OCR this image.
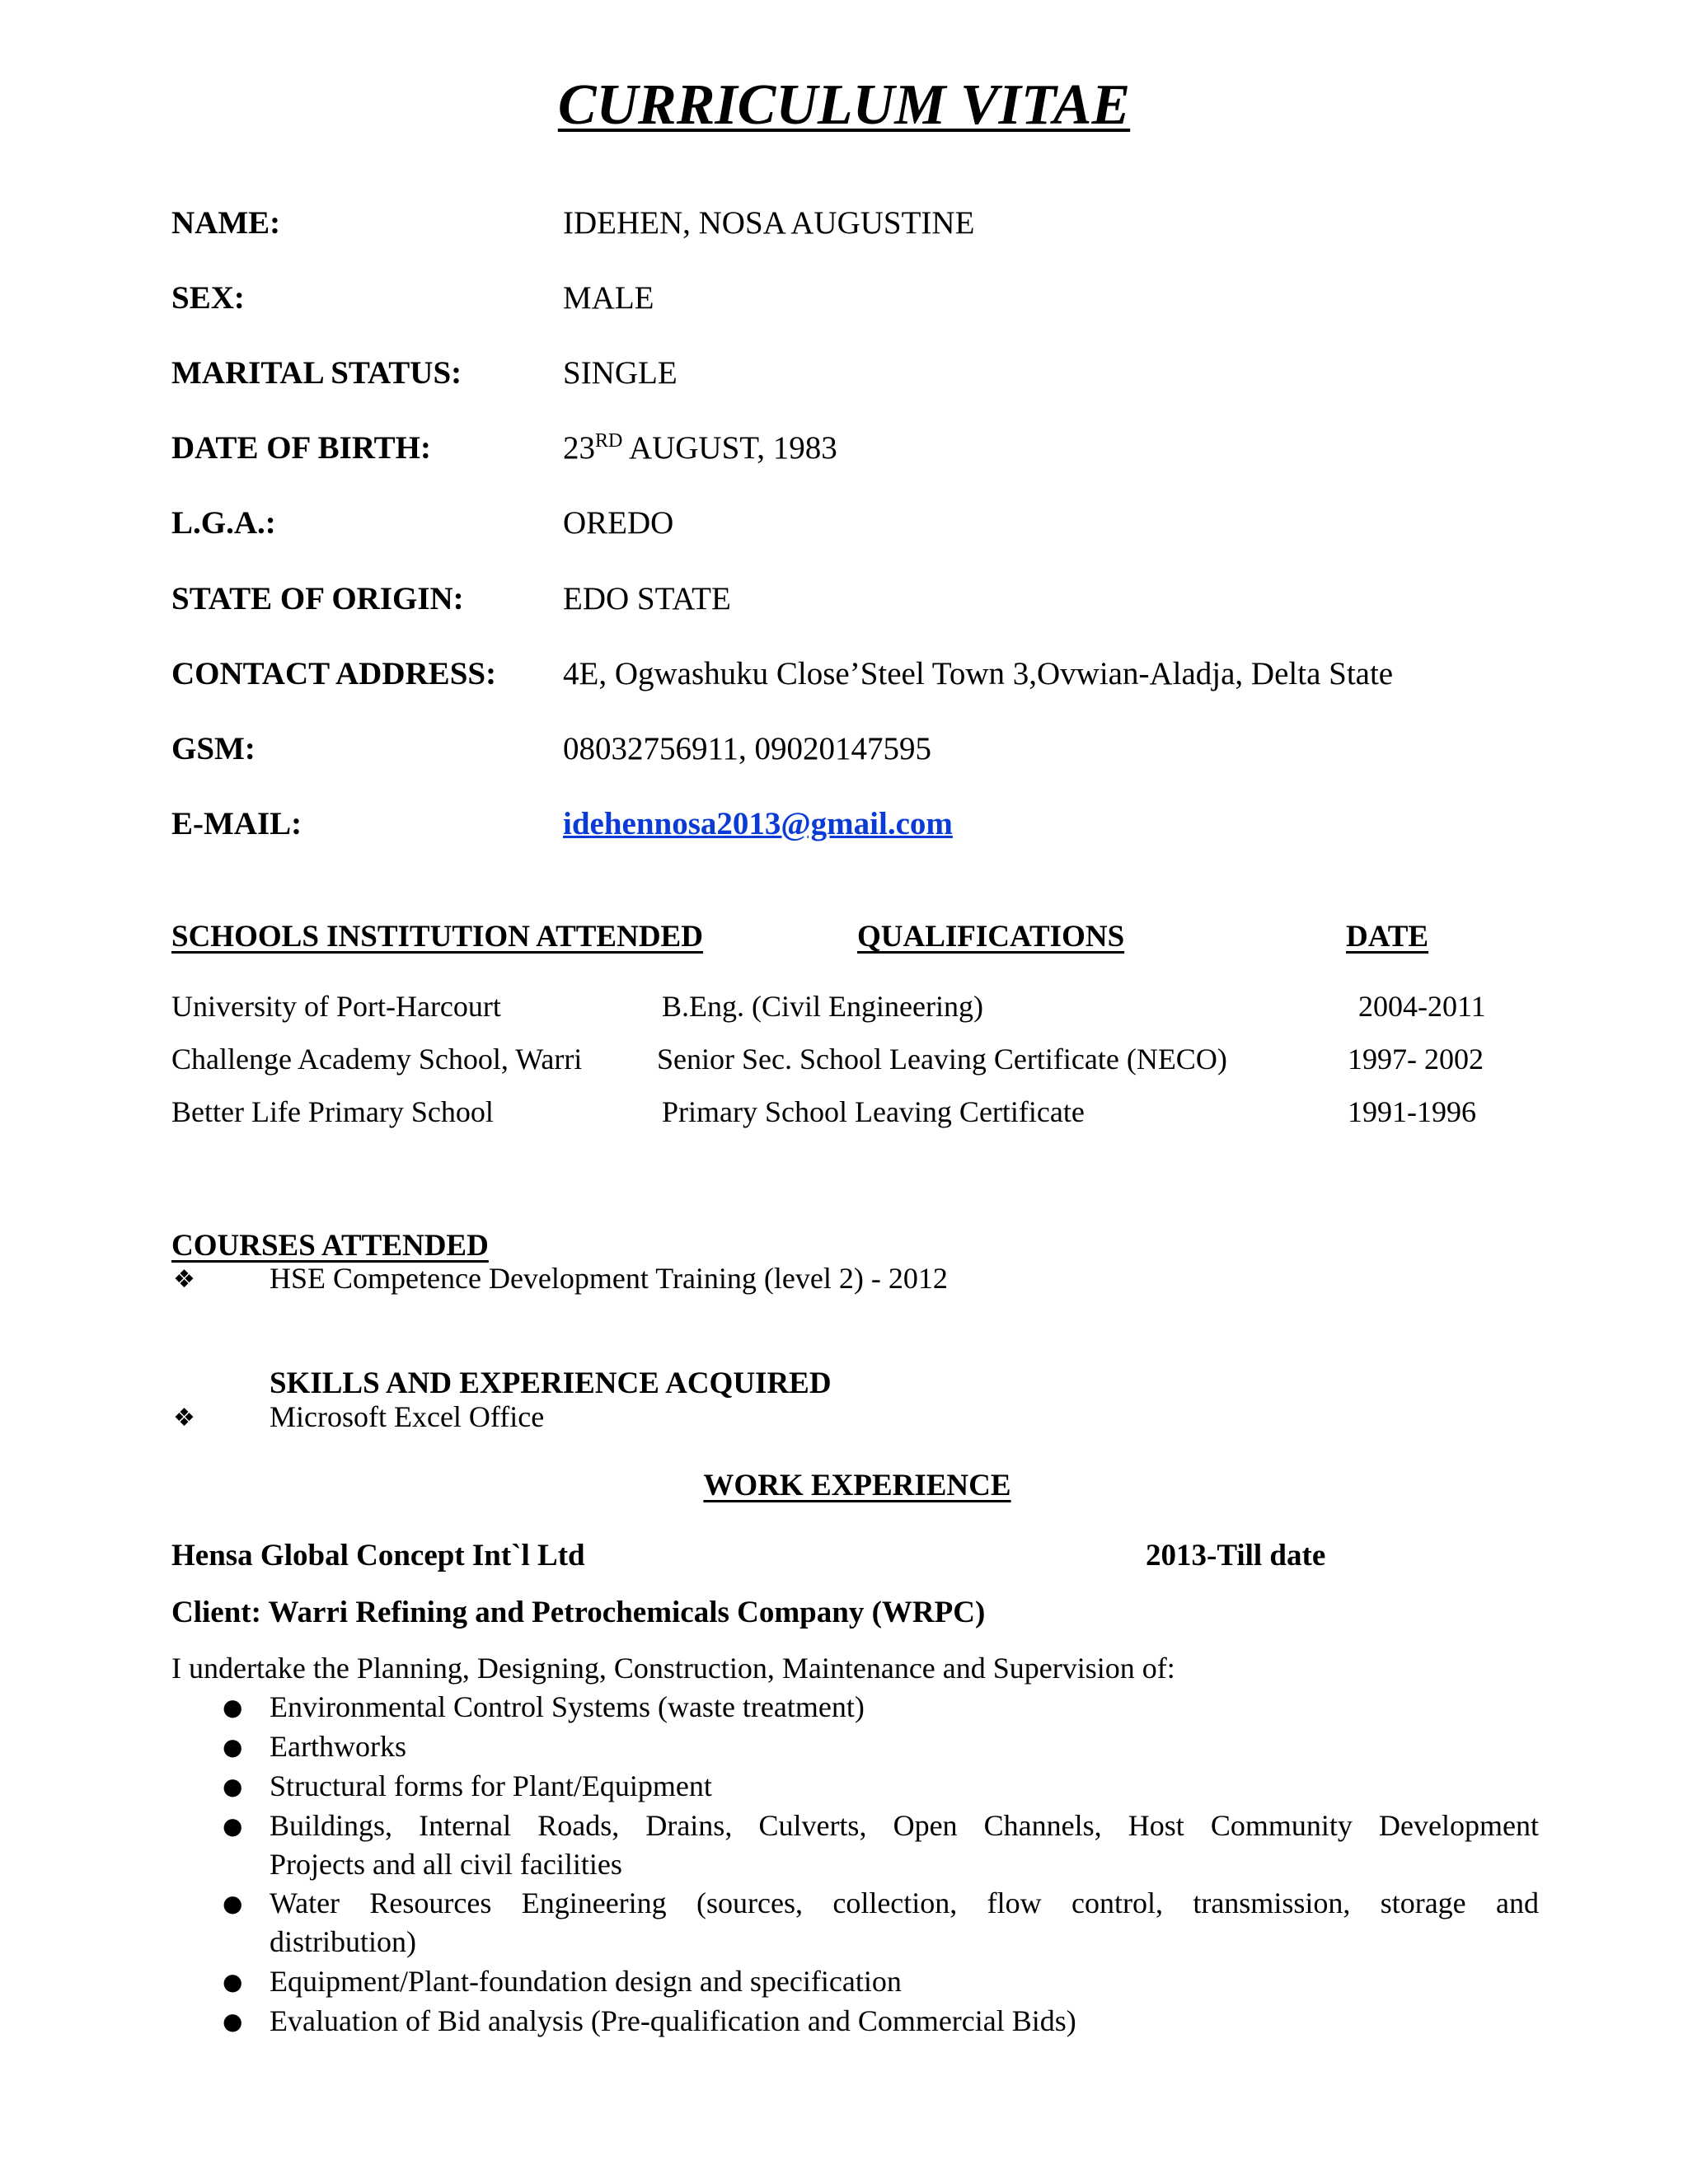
CURRICULUM VITAE
NAME:	IDEHEN, NOSA AUGUSTINE
SEX:	MALE
MARITAL STATUS:	SINGLE
DATE OF BIRTH:	23RD AUGUST, 1983
L.G.A.:	OREDO
STATE OF ORIGIN:	EDO STATE
CONTACT ADDRESS: 4E, Ogwashuku Close’Steel Town 3,Ovwian-Aladja, Delta State
GSM:	08032756911, 09020147595
E-MAIL:	idehennosa2013@gmail.com
SCHOOLS INSTITUTION ATTENDED	QUALIFICATIONS	DATE
University of Port-Harcourt	B.Eng. (Civil Engineering)	2004-2011
Challenge Academy School, Warri	Senior Sec. School Leaving Certificate (NECO)	1997- 2002
Better Life Primary School	Primary School Leaving Certificate	1991-1996
COURSES ATTENDED
❖	HSE Competence Development Training (level 2) - 2012
SKILLS AND EXPERIENCE ACQUIRED
❖	Microsoft Excel Office
WORK EXPERIENCE
Hensa Global Concept Int`l Ltd	2013-Till date
Client: Warri Refining and Petrochemicals Company (WRPC)
I undertake the Planning, Designing, Construction, Maintenance and Supervision of:
● Environmental Control Systems (waste treatment)
● Earthworks
● Structural forms for Plant/Equipment
● Buildings, Internal Roads, Drains, Culverts, Open Channels, Host Community Development
Projects and all civil facilities
● Water Resources Engineering (sources, collection, flow control, transmission, storage and
distribution)
● Equipment/Plant-foundation design and specification
● Evaluation of Bid analysis (Pre-qualification and Commercial Bids)
